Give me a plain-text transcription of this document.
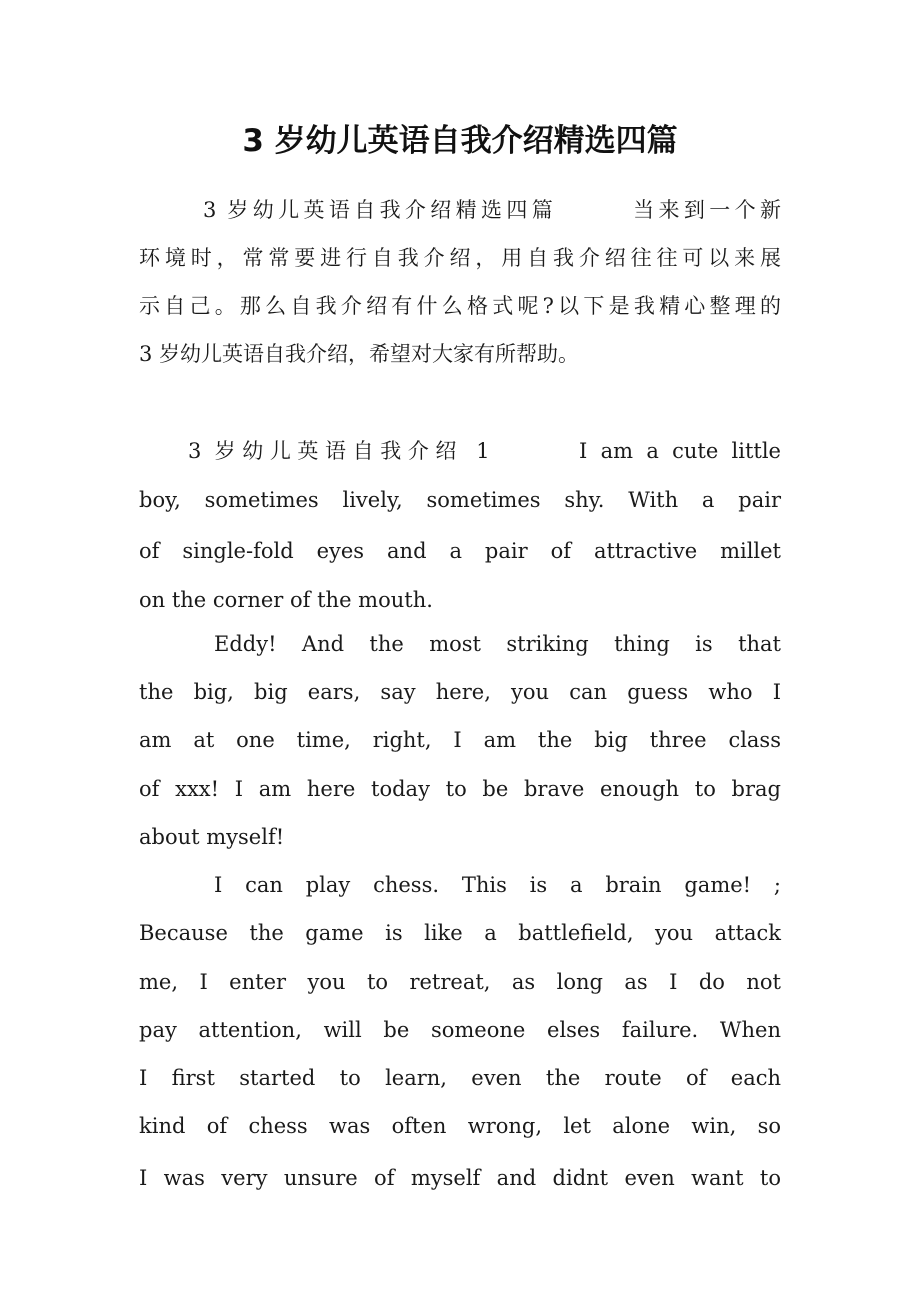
3 岁幼儿英语自我介绍精选四篇

3 岁幼儿英语自我介绍精选四篇　　　当来到一个新

环境时，常常要进行自我介绍，用自我介绍往往可以来展

示自己。那么自我介绍有什么格式呢?以下是我精心整理的

3 岁幼儿英语自我介绍，希望对大家有所帮助。

3 岁幼儿英语自我介绍 1　　　I am a cute little

boy, sometimes lively, sometimes shy. With a pair

of single-fold eyes and a pair of attractive millet

on the corner of the mouth.

Eddy! And the most striking thing is that

the big, big ears, say here, you can guess who I

am at one time, right, I am the big three class

of xxx! I am here today to be brave enough to brag

about myself!

I can play chess. This is a brain game! ;

Because the game is like a battlefield, you attack

me, I enter you to retreat, as long as I do not

pay attention, will be someone elses failure. When

I first started to learn, even the route of each

kind of chess was often wrong, let alone win, so

I was very unsure of myself and didnt even want to
